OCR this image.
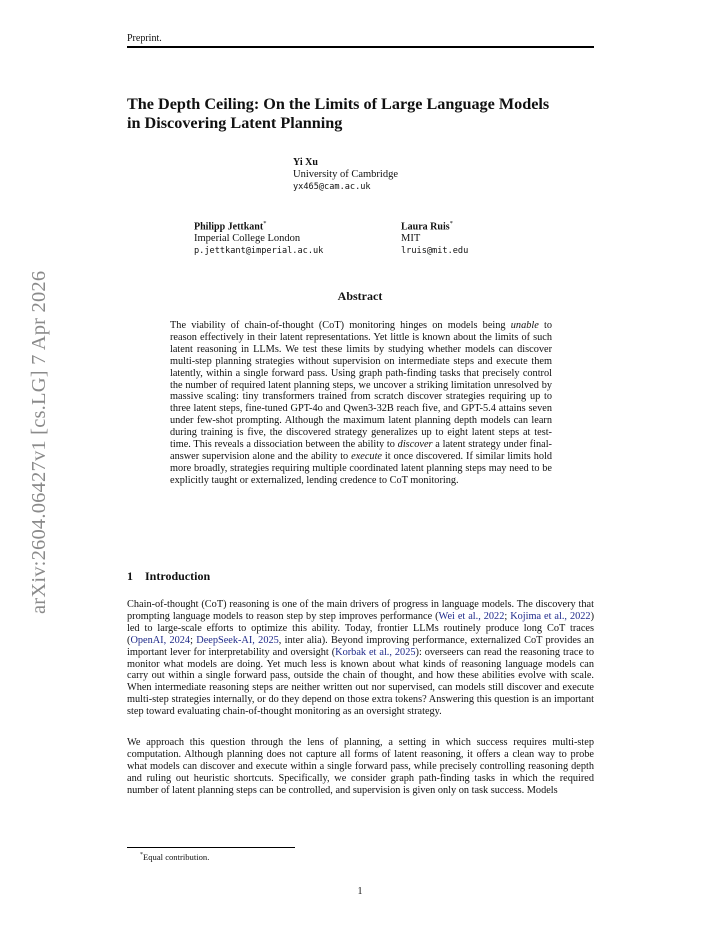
Preprint.
The Depth Ceiling: On the Limits of Large Language Models
in Discovering Latent Planning
Yi Xu
University of Cambridge
yx465@cam.ac.uk
Philipp Jettkant*
Imperial College London
p.jettkant@imperial.ac.uk
Laura Ruis*
MIT
lruis@mit.edu
arXiv:2604.06427v1 [cs.LG] 7 Apr 2026	Abstract
The viability of chain-of-thought (CoT) monitoring hinges on models being unable to reason effectively in their latent representations. Yet little is known about the limits of such latent reasoning in LLMs. We test these limits by studying whether models can discover multi-step planning strategies without supervision on intermediate steps and execute them latently, within a single forward pass. Using graph path-finding tasks that precisely control the number of required latent planning steps, we uncover a striking limitation unresolved by massive scaling: tiny transformers trained from scratch discover strategies requiring up to three latent steps, fine-tuned GPT-4o and Qwen3-32B reach five, and GPT-5.4 attains seven under few-shot prompting. Although the maximum latent planning depth models can learn during training is five, the discovered strategy generalizes up to eight latent steps at test-time. This reveals a dissociation between the ability to discover a latent strategy under final-answer supervision alone and the ability to execute it once discovered. If similar limits hold more broadly, strategies requiring multiple coordinated latent planning steps may need to be explicitly taught or externalized, lending credence to CoT monitoring.
1 Introduction
Chain-of-thought (CoT) reasoning is one of the main drivers of progress in language models. The discovery that prompting language models to reason step by step improves performance (Wei et al., 2022; Kojima et al., 2022) led to large-scale efforts to optimize this ability. Today, frontier LLMs routinely produce long CoT traces (OpenAI, 2024; DeepSeek-AI, 2025, inter alia). Beyond improving performance, externalized CoT provides an important lever for interpretability and oversight (Korbak et al., 2025): overseers can read the reasoning trace to monitor what models are doing. Yet much less is known about what kinds of reasoning language models can carry out within a single forward pass, outside the chain of thought, and how these abilities evolve with scale. When intermediate reasoning steps are neither written out nor supervised, can models still discover and execute multi-step strategies internally, or do they depend on those extra tokens? Answering this question is an important step toward evaluating chain-of-thought monitoring as an oversight strategy.
We approach this question through the lens of planning, a setting in which success requires multi-step computation. Although planning does not capture all forms of latent reasoning, it offers a clean way to probe what models can discover and execute within a single forward pass, while precisely controlling reasoning depth and ruling out heuristic shortcuts. Specifically, we consider graph path-finding tasks in which the required number of latent planning steps can be controlled, and supervision is given only on task success. Models
*Equal contribution.
1
